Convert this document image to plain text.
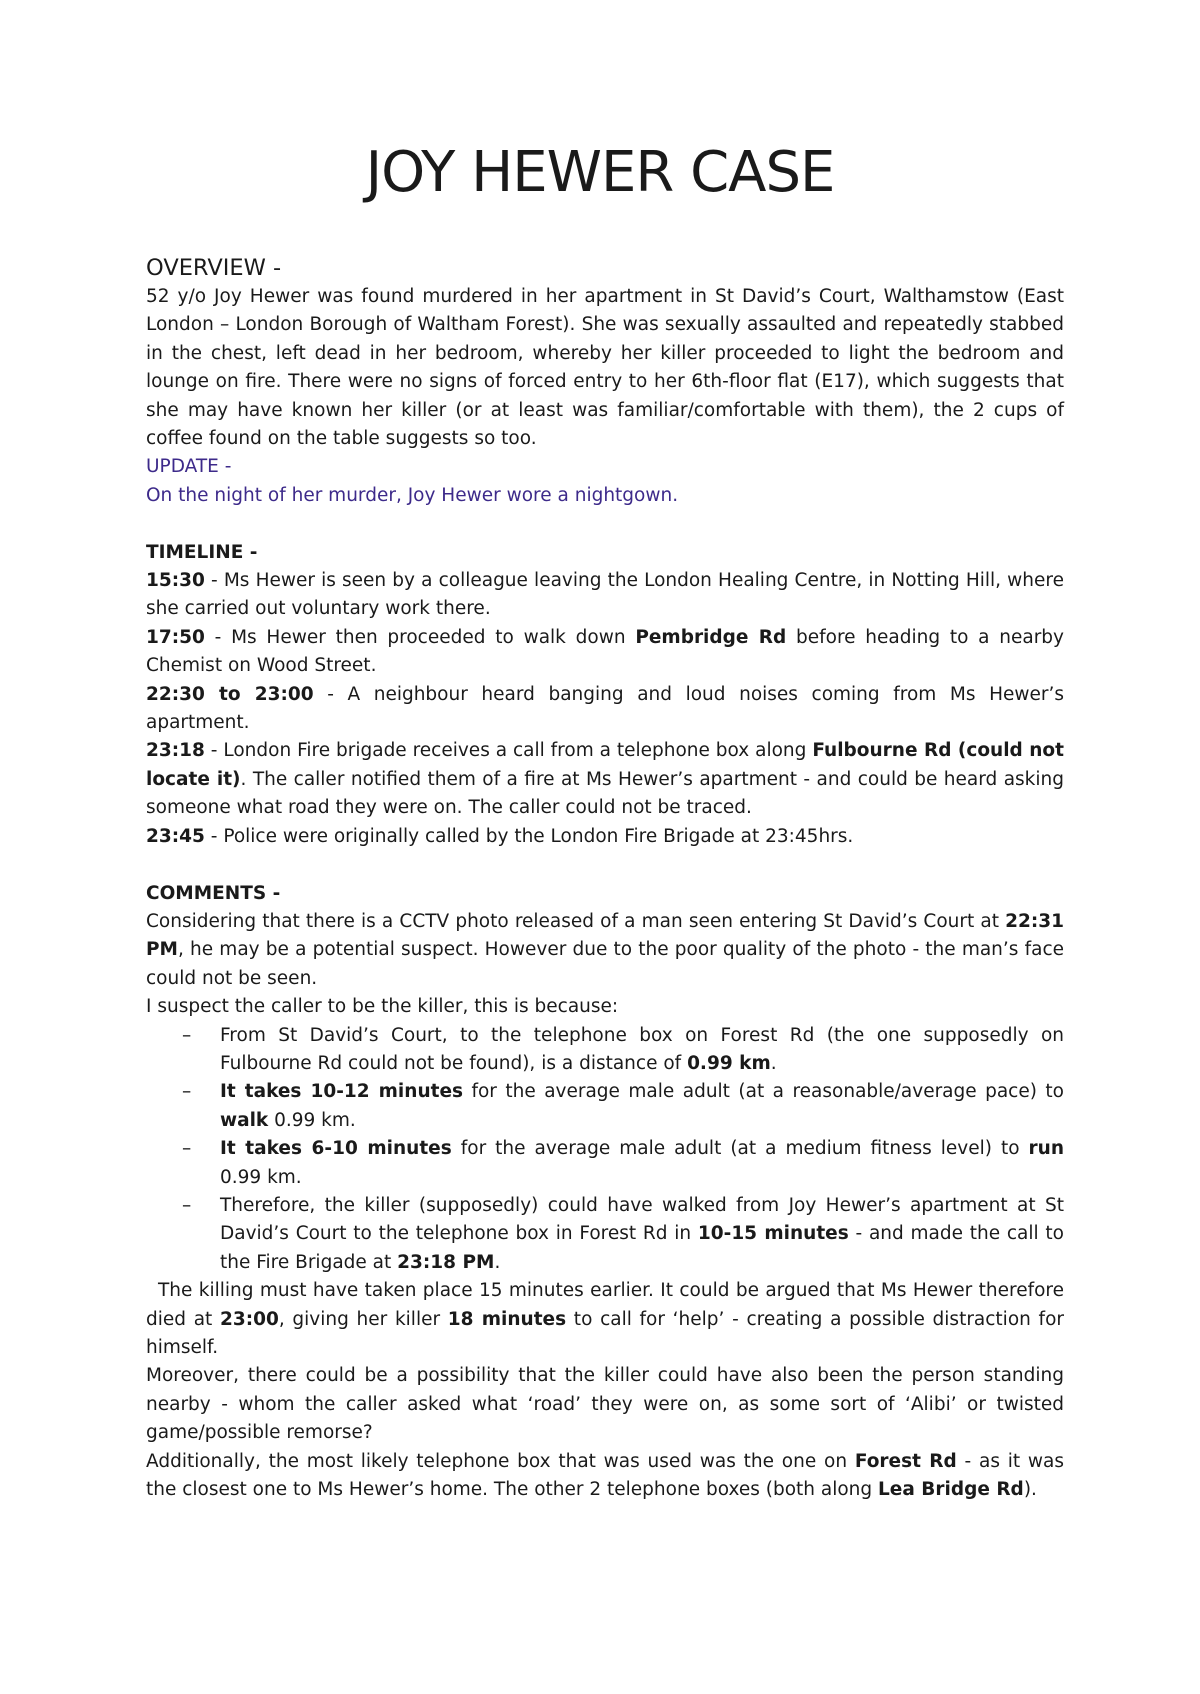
JOY HEWER CASE
OVERVIEW -

52 y/o Joy Hewer was found murdered in her apartment in St David’s Court, Walthamstow (East London – London Borough of Waltham Forest). She was sexually assaulted and repeatedly stabbed in the chest, left dead in her bedroom, whereby her killer proceeded to light the bedroom and lounge on fire. There were no signs of forced entry to her 6th-floor flat (E17), which suggests that she may have known her killer (or at least was familiar/comfortable with them), the 2 cups of coffee found on the table suggests so too.

UPDATE -

On the night of her murder, Joy Hewer wore a nightgown.

TIMELINE -

15:30 - Ms Hewer is seen by a colleague leaving the London Healing Centre, in Notting Hill, where she carried out voluntary work there.

17:50 - Ms Hewer then proceeded to walk down Pembridge Rd before heading to a nearby Chemist on Wood Street.

22:30 to 23:00 - A neighbour heard banging and loud noises coming from Ms Hewer’s apartment.

23:18 - London Fire brigade receives a call from a telephone box along Fulbourne Rd (could not locate it). The caller notified them of a fire at Ms Hewer’s apartment - and could be heard asking someone what road they were on. The caller could not be traced.

23:45 - Police were originally called by the London Fire Brigade at 23:45hrs.

COMMENTS -

Considering that there is a CCTV photo released of a man seen entering St David’s Court at 22:31 PM, he may be a potential suspect. However due to the poor quality of the photo - the man’s face could not be seen.

I suspect the caller to be the killer, this is because:

– From St David’s Court, to the telephone box on Forest Rd (the one supposedly on Fulbourne Rd could not be found), is a distance of 0.99 km.
– It takes 10-12 minutes for the average male adult (at a reasonable/average pace) to walk 0.99 km.
– It takes 6-10 minutes for the average male adult (at a medium fitness level) to run 0.99 km.
– Therefore, the killer (supposedly) could have walked from Joy Hewer’s apartment at St David’s Court to the telephone box in Forest Rd in 10-15 minutes - and made the call to the Fire Brigade at 23:18 PM.

The killing must have taken place 15 minutes earlier. It could be argued that Ms Hewer therefore died at 23:00, giving her killer 18 minutes to call for ‘help’ - creating a possible distraction for himself.

Moreover, there could be a possibility that the killer could have also been the person standing nearby - whom the caller asked what ‘road’ they were on, as some sort of ‘Alibi’ or twisted game/possible remorse?

Additionally, the most likely telephone box that was used was the one on Forest Rd - as it was the closest one to Ms Hewer’s home. The other 2 telephone boxes (both along Lea Bridge Rd).
